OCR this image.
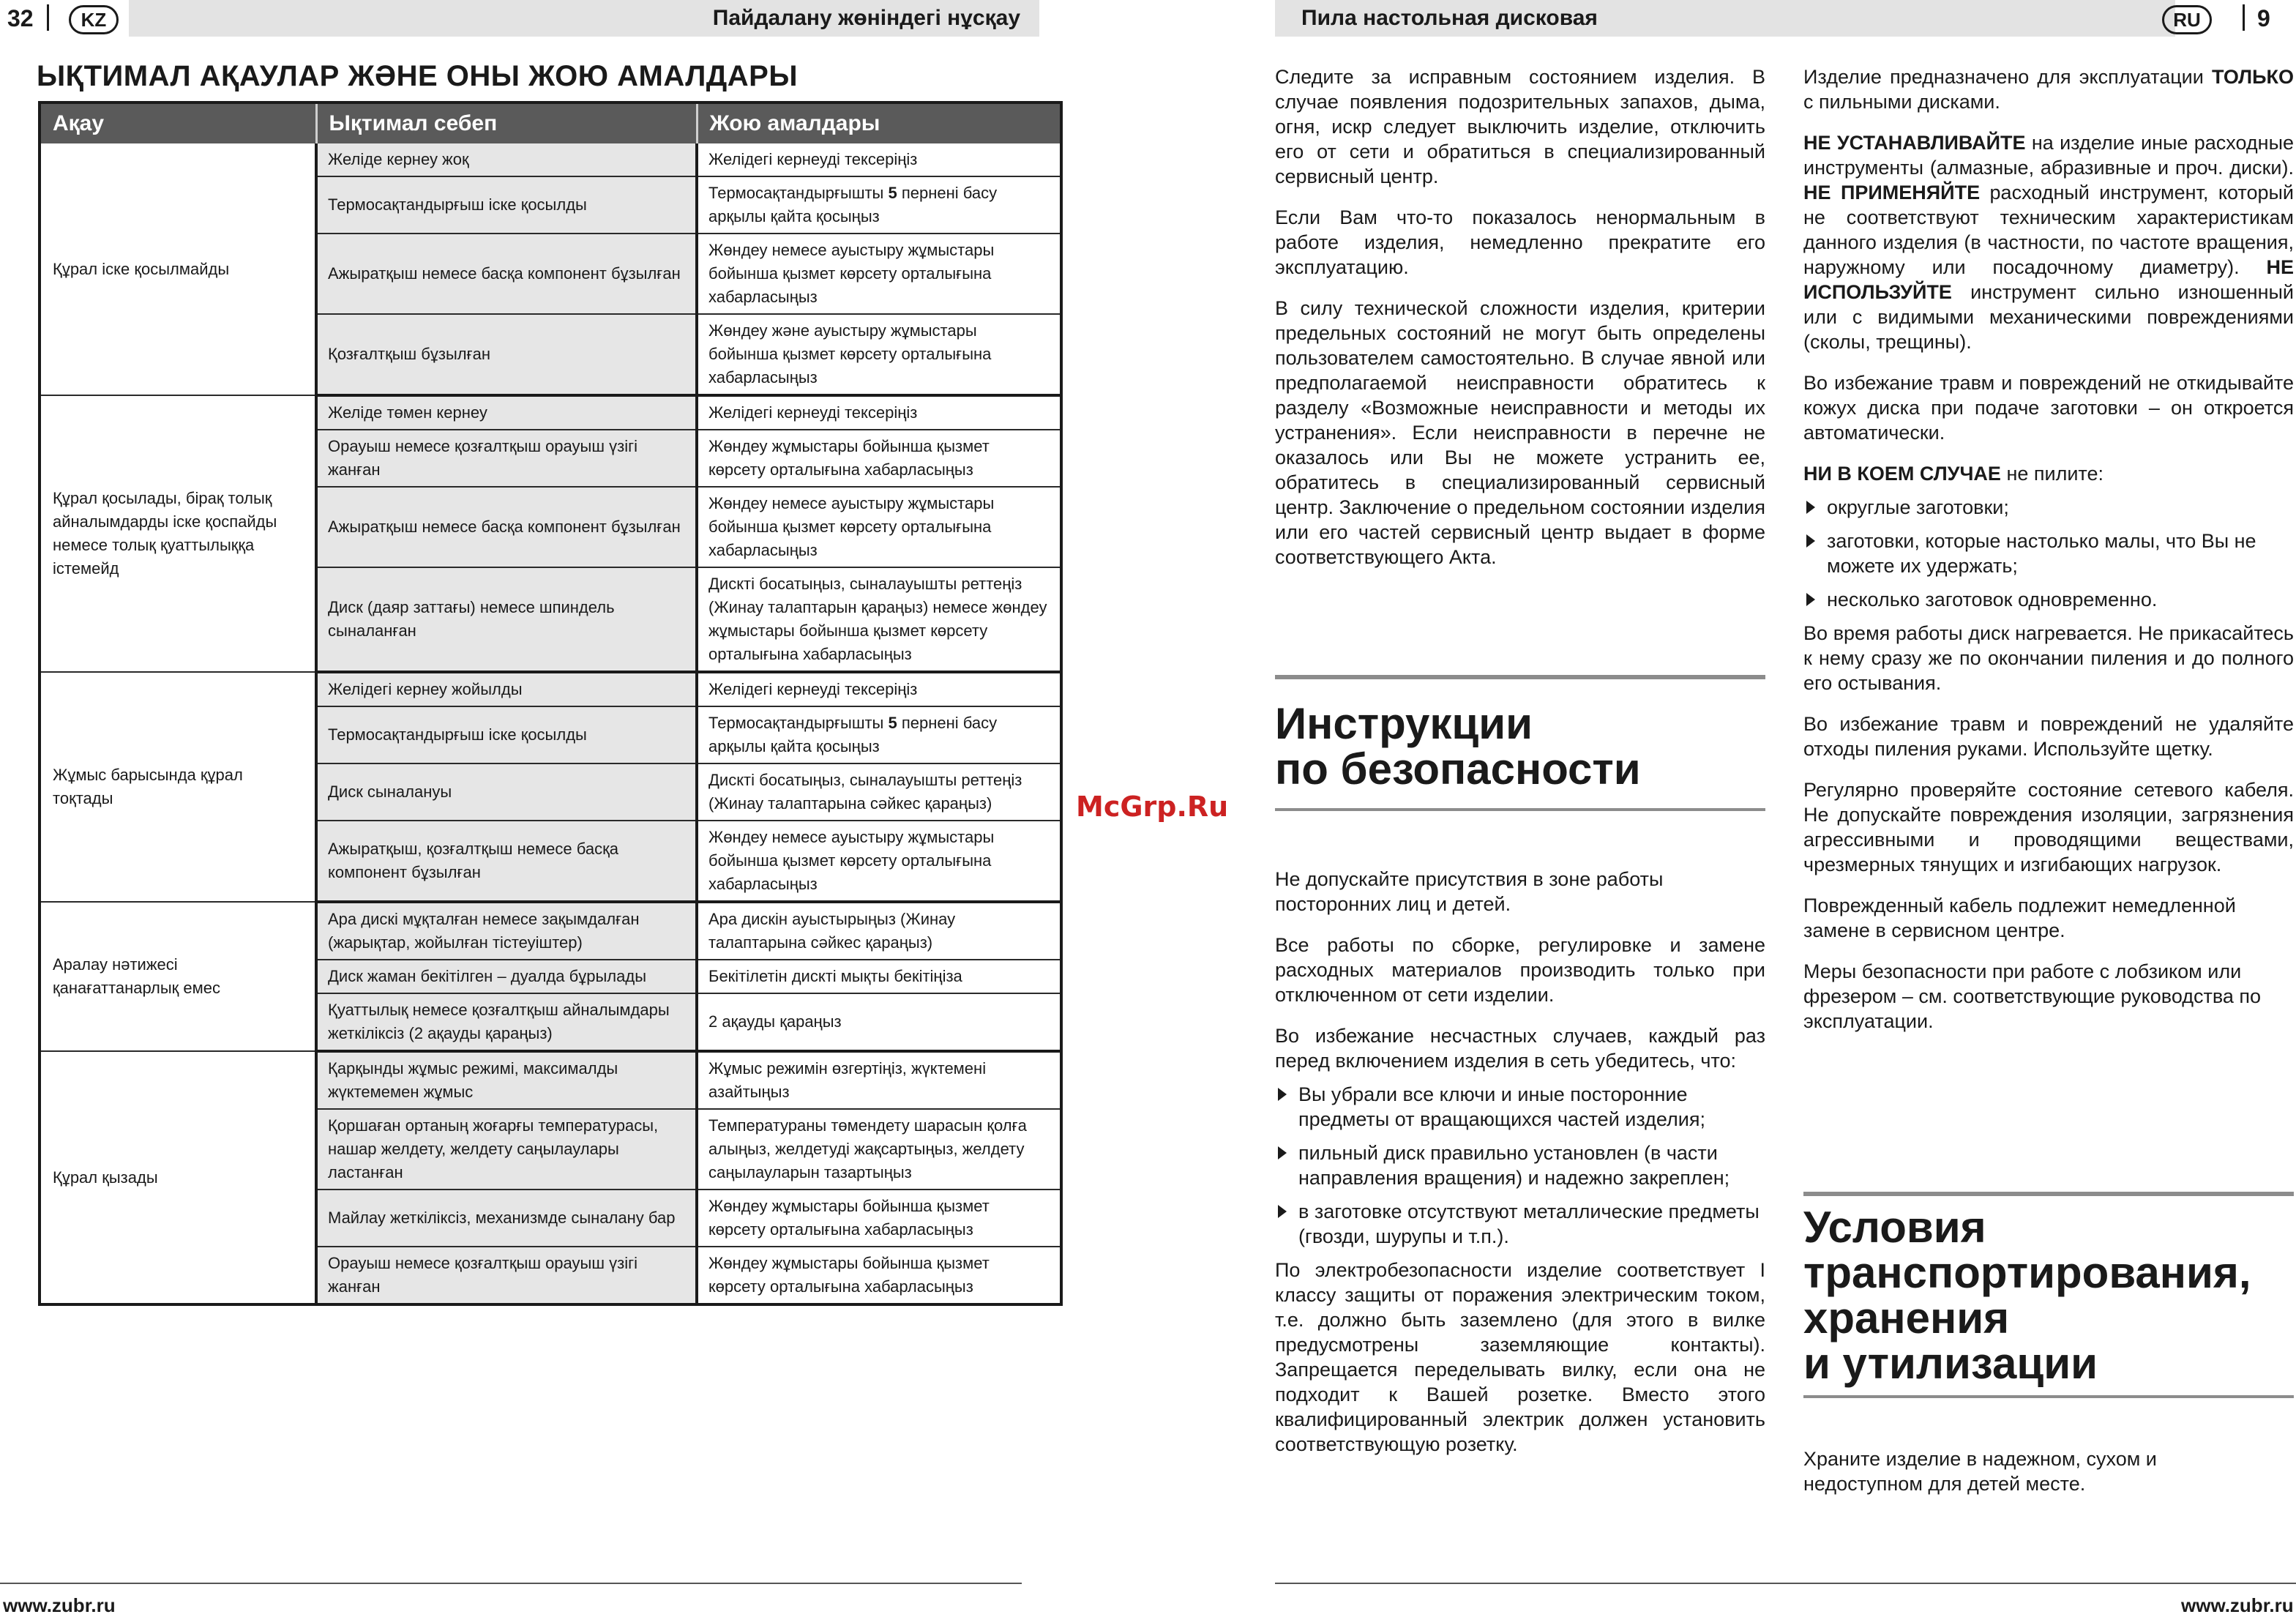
32	KZ	Пайдалану жөніндегі нұсқау
ЫҚТИМАЛ АҚАУЛАР ЖӘНЕ ОНЫ ЖОЮ АМАЛДАРЫ
Ақау	Ықтимал себеп	Жою амалдары
Құрал іске қосылмайды	Желіде кернеу жоқ	Желідегі кернеуді тексеріңіз
	Термосақтандырғыш іске қосылды	Термосақтандырғышты 5 пернені басу арқылы қайта қосыңыз
	Ажыратқыш немесе басқа компонент бұзылған	Жөндеу немесе ауыстыру жұмыстары бойынша қызмет көрсету орталығына хабарласыңыз
	Қозғалтқыш бұзылған	Жөндеу және ауыстыру жұмыстары бойынша қызмет көрсету орталығына хабарласыңыз
Құрал қосылады, бірақ толық айналымдарды іске қоспайды немесе толық қуаттылыққа істемейд	Желіде төмен кернеу	Желідегі кернеуді тексеріңіз
	Орауыш немесе қозғалтқыш орауыш үзігі жанған	Жөндеу жұмыстары бойынша қызмет көрсету орталығына хабарласыңыз
	Ажыратқыш немесе басқа компонент бұзылған	Жөндеу немесе ауыстыру жұмыстары бойынша қызмет көрсету орталығына хабарласыңыз
	Диск (даяр заттағы) немесе шпиндель сыналанған	Дискті босатыңыз, сыналауышты реттеңіз (Жинау талаптарын қараңыз) немесе жөндеу жұмыстары бойынша қызмет көрсету орталығына хабарласыңыз
Жұмыс барысында құрал тоқтады	Желідегі кернеу жойылды	Желідегі кернеуді тексеріңіз
	Термосақтандырғыш іске қосылды	Термосақтандырғышты 5 пернені басу арқылы қайта қосыңыз
	Диск сыналануы	Дискті босатыңыз, сыналауышты реттеңіз (Жинау талаптарына сәйкес қараңыз)
	Ажыратқыш, қозғалтқыш немесе басқа компонент бұзылған	Жөндеу немесе ауыстыру жұмыстары бойынша қызмет көрсету орталығына хабарласыңыз
Аралау нәтижесі қанағаттанарлық емес	Ара дискі мұқталған немесе зақымдалған (жарықтар, жойылған тістеуіштер)	Ара дискін ауыстырыңыз (Жинау талаптарына сәйкес қараңыз)
	Диск жаман бекітілген – дуалда бұрылады	Бекітілетін дискті мықты бекітіңіза
	Қуаттылық немесе қозғалтқыш айналымдары жеткіліксіз (2 ақауды қараңыз)	2 ақауды қараңыз
Құрал қызады	Қарқынды жұмыс режимі, максималды жүктемемен жұмыс	Жұмыс режимін өзгертіңіз, жүктемені азайтыңыз
	Қоршаған ортаның жоғарғы температурасы, нашар желдету, желдету саңылаулары ластанған	Температураны төмендету шарасын қолға алыңыз, желдетуді жақсартыңыз, желдету саңылауларын тазартыңыз
	Майлау жеткіліксіз, механизмде сыналану бар	Жөндеу жұмыстары бойынша қызмет көрсету орталығына хабарласыңыз
	Орауыш немесе қозғалтқыш орауыш үзігі жанған	Жөндеу жұмыстары бойынша қызмет көрсету орталығына хабарласыңыз
McGrp.Ru
www.zubr.ru
Пила настольная дисковая	RU	9

Следите за исправным состоянием изделия. В случае появления подозрительных запахов, дыма, огня, искр следует выключить изделие, отключить его от сети и обратиться в специализированный сервисный центр.

Если Вам что-то показалось ненормальным в работе изделия, немедленно прекратите его эксплуатацию.

В силу технической сложности изделия, критерии предельных состояний не могут быть определены пользователем самостоятельно. В случае явной или предполагаемой неисправности обратитесь к разделу «Возможные неисправности и методы их устранения». Если неисправности в перечне не оказалось или Вы не можете устранить ее, обратитесь в специализированный сервисный центр. Заключение о предельном состоянии изделия или его частей сервисный центр выдает в форме соответствующего Акта.

Инструкции
по безопасности

Не допускайте присутствия в зоне работы посторонних лиц и детей.

Все работы по сборке, регулировке и замене расходных материалов производить только при отключенном от сети изделии.

Во избежание несчастных случаев, каждый раз перед включением изделия в сеть убедитесь, что:

Вы убрали все ключи и иные посторонние предметы от вращающихся частей изделия;
пильный диск правильно установлен (в части направления вращения) и надежно закреплен;
в заготовке отсутствуют металлические предметы (гвозди, шурупы и т.п.).

По электробезопасности изделие соответствует I классу защиты от поражения электрическим током, т.е. должно быть заземлено (для этого в вилке предусмотрены заземляющие контакты). Запрещается переделывать вилку, если она не подходит к Вашей розетке. Вместо этого квалифицированный электрик должен установить соответствующую розетку.

Изделие предназначено для эксплуатации ТОЛЬКО с пильными дисками.

НЕ УСТАНАВЛИВАЙТЕ на изделие иные расходные инструменты (алмазные, абразивные и проч. диски). НЕ ПРИМЕНЯЙТЕ расходный инструмент, который не соответствуют техническим характеристикам данного изделия (в частности, по частоте вращения, наружному или посадочному диаметру). НЕ ИСПОЛЬЗУЙТЕ инструмент сильно изношенный или с видимыми механическими повреждениями (сколы, трещины).

Во избежание травм и повреждений не откидывайте кожух диска при подаче заготовки – он откроется автоматически.

НИ В КОЕМ СЛУЧАЕ не пилите:

округлые заготовки;
заготовки, которые настолько малы, что Вы не можете их удержать;
несколько заготовок одновременно.

Во время работы диск нагревается. Не прикасайтесь к нему сразу же по окончании пиления и до полного его остывания.

Во избежание травм и повреждений не удаляйте отходы пиления руками. Используйте щетку.

Регулярно проверяйте состояние сетевого кабеля. Не допускайте повреждения изоляции, загрязнения агрессивными и проводящими веществами, чрезмерных тянущих и изгибающих нагрузок.

Поврежденный кабель подлежит немедленной замене в сервисном центре.

Меры безопасности при работе с лобзиком или фрезером – см. соответствующие руководства по эксплуатации.

Условия
транспортирования,
хранения
и утилизации

Храните изделие в надежном, сухом и недоступном для детей месте.

www.zubr.ru
